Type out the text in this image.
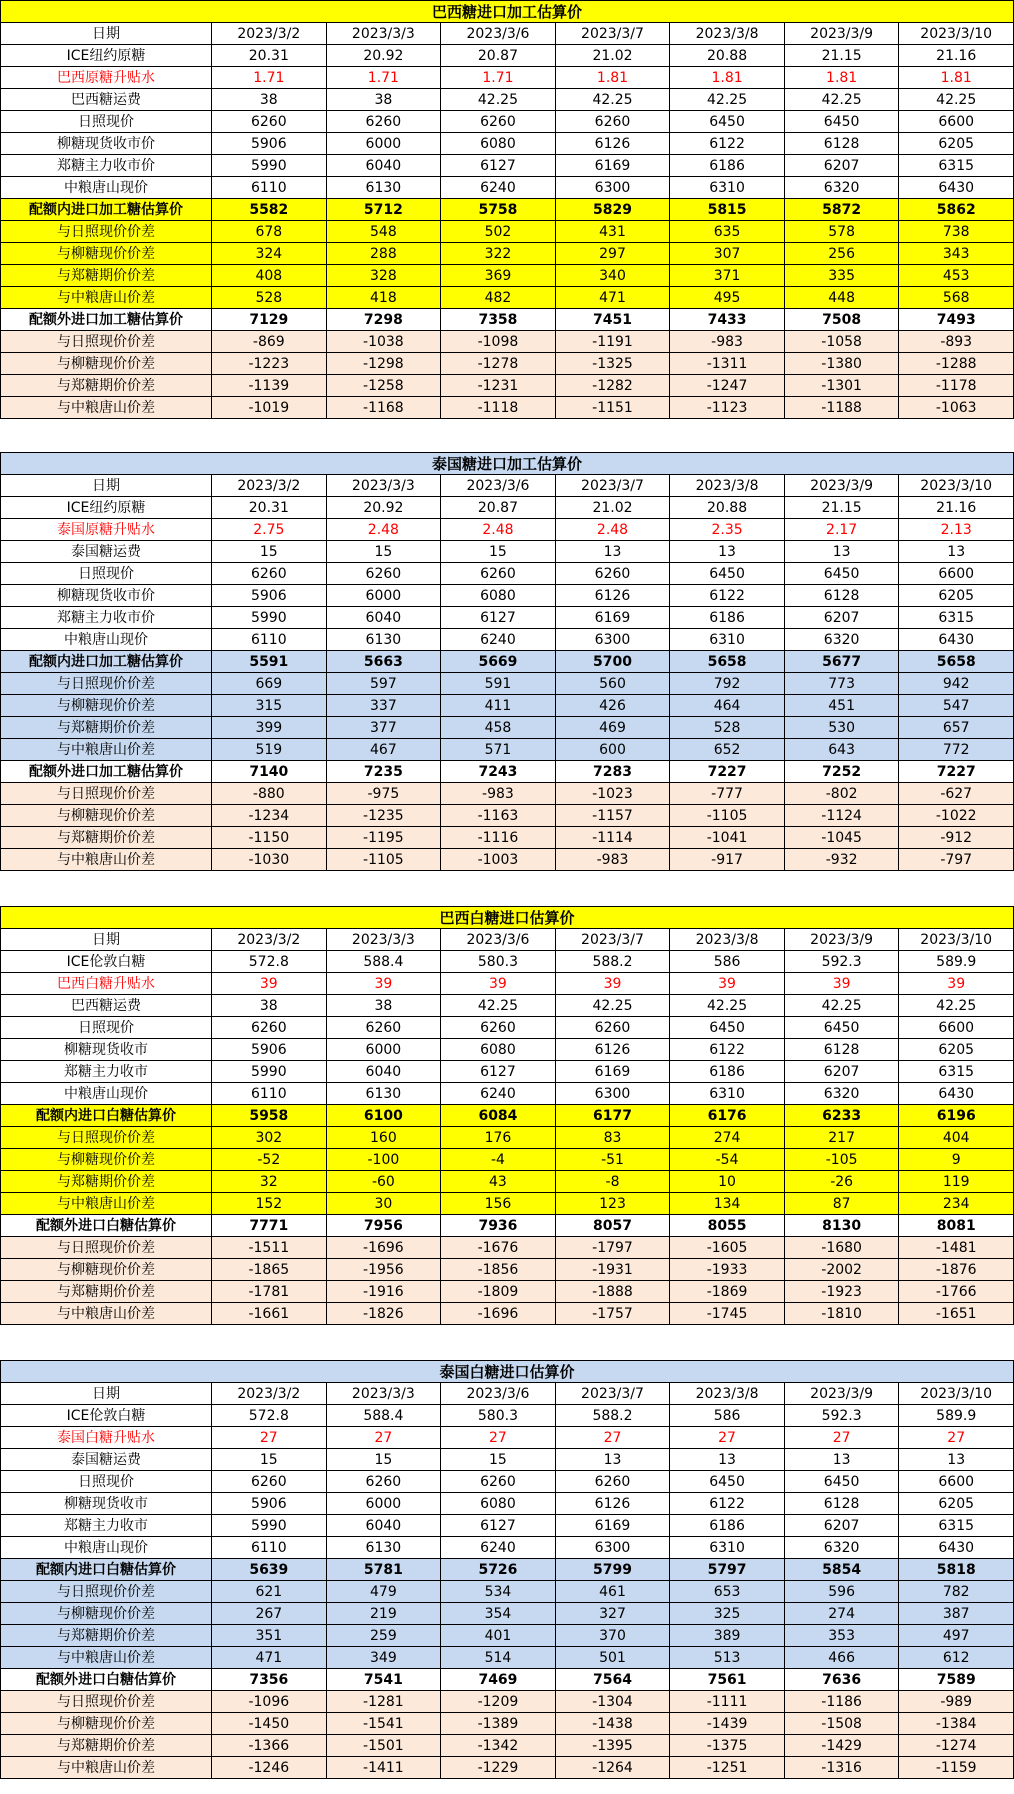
巴西糖进口加工估算价							
日期	2023/3/2	2023/3/3	2023/3/6	2023/3/7	2023/3/8	2023/3/9	2023/3/10
ICE纽约原糖	20.31	20.92	20.87	21.02	20.88	21.15	21.16
巴西原糖升贴水	1.71	1.71	1.71	1.81	1.81	1.81	1.81
巴西糖运费	38	38	42.25	42.25	42.25	42.25	42.25
日照现价	6260	6260	6260	6260	6450	6450	6600
柳糖现货收市价	5906	6000	6080	6126	6122	6128	6205
郑糖主力收市价	5990	6040	6127	6169	6186	6207	6315
中粮唐山现价	6110	6130	6240	6300	6310	6320	6430
配额内进口加工糖估算价	5582	5712	5758	5829	5815	5872	5862
与日照现价价差	678	548	502	431	635	578	738
与柳糖现价价差	324	288	322	297	307	256	343
与郑糖期价价差	408	328	369	340	371	335	453
与中粮唐山价差	528	418	482	471	495	448	568
配额外进口加工糖估算价	7129	7298	7358	7451	7433	7508	7493
与日照现价价差	-869	-1038	-1098	-1191	-983	-1058	-893
与柳糖现价价差	-1223	-1298	-1278	-1325	-1311	-1380	-1288
与郑糖期价价差	-1139	-1258	-1231	-1282	-1247	-1301	-1178
与中粮唐山价差	-1019	-1168	-1118	-1151	-1123	-1188	-1063
泰国糖进口加工估算价							
日期	2023/3/2	2023/3/3	2023/3/6	2023/3/7	2023/3/8	2023/3/9	2023/3/10
ICE纽约原糖	20.31	20.92	20.87	21.02	20.88	21.15	21.16
泰国原糖升贴水	2.75	2.48	2.48	2.48	2.35	2.17	2.13
泰国糖运费	15	15	15	13	13	13	13
日照现价	6260	6260	6260	6260	6450	6450	6600
柳糖现货收市价	5906	6000	6080	6126	6122	6128	6205
郑糖主力收市价	5990	6040	6127	6169	6186	6207	6315
中粮唐山现价	6110	6130	6240	6300	6310	6320	6430
配额内进口加工糖估算价	5591	5663	5669	5700	5658	5677	5658
与日照现价价差	669	597	591	560	792	773	942
与柳糖现价价差	315	337	411	426	464	451	547
与郑糖期价价差	399	377	458	469	528	530	657
与中粮唐山价差	519	467	571	600	652	643	772
配额外进口加工糖估算价	7140	7235	7243	7283	7227	7252	7227
与日照现价价差	-880	-975	-983	-1023	-777	-802	-627
与柳糖现价价差	-1234	-1235	-1163	-1157	-1105	-1124	-1022
与郑糖期价价差	-1150	-1195	-1116	-1114	-1041	-1045	-912
与中粮唐山价差	-1030	-1105	-1003	-983	-917	-932	-797
巴西白糖进口估算价							
日期	2023/3/2	2023/3/3	2023/3/6	2023/3/7	2023/3/8	2023/3/9	2023/3/10
ICE伦敦白糖	572.8	588.4	580.3	588.2	586	592.3	589.9
巴西白糖升贴水	39	39	39	39	39	39	39
巴西糖运费	38	38	42.25	42.25	42.25	42.25	42.25
日照现价	6260	6260	6260	6260	6450	6450	6600
柳糖现货收市	5906	6000	6080	6126	6122	6128	6205
郑糖主力收市	5990	6040	6127	6169	6186	6207	6315
中粮唐山现价	6110	6130	6240	6300	6310	6320	6430
配额内进口白糖估算价	5958	6100	6084	6177	6176	6233	6196
与日照现价价差	302	160	176	83	274	217	404
与柳糖现价价差	-52	-100	-4	-51	-54	-105	9
与郑糖期价价差	32	-60	43	-8	10	-26	119
与中粮唐山价差	152	30	156	123	134	87	234
配额外进口白糖估算价	7771	7956	7936	8057	8055	8130	8081
与日照现价价差	-1511	-1696	-1676	-1797	-1605	-1680	-1481
与柳糖现价价差	-1865	-1956	-1856	-1931	-1933	-2002	-1876
与郑糖期价价差	-1781	-1916	-1809	-1888	-1869	-1923	-1766
与中粮唐山价差	-1661	-1826	-1696	-1757	-1745	-1810	-1651
泰国白糖进口估算价							
日期	2023/3/2	2023/3/3	2023/3/6	2023/3/7	2023/3/8	2023/3/9	2023/3/10
ICE伦敦白糖	572.8	588.4	580.3	588.2	586	592.3	589.9
泰国白糖升贴水	27	27	27	27	27	27	27
泰国糖运费	15	15	15	13	13	13	13
日照现价	6260	6260	6260	6260	6450	6450	6600
柳糖现货收市	5906	6000	6080	6126	6122	6128	6205
郑糖主力收市	5990	6040	6127	6169	6186	6207	6315
中粮唐山现价	6110	6130	6240	6300	6310	6320	6430
配额内进口白糖估算价	5639	5781	5726	5799	5797	5854	5818
与日照现价价差	621	479	534	461	653	596	782
与柳糖现价价差	267	219	354	327	325	274	387
与郑糖期价价差	351	259	401	370	389	353	497
与中粮唐山价差	471	349	514	501	513	466	612
配额外进口白糖估算价	7356	7541	7469	7564	7561	7636	7589
与日照现价价差	-1096	-1281	-1209	-1304	-1111	-1186	-989
与柳糖现价价差	-1450	-1541	-1389	-1438	-1439	-1508	-1384
与郑糖期价价差	-1366	-1501	-1342	-1395	-1375	-1429	-1274
与中粮唐山价差	-1246	-1411	-1229	-1264	-1251	-1316	-1159
